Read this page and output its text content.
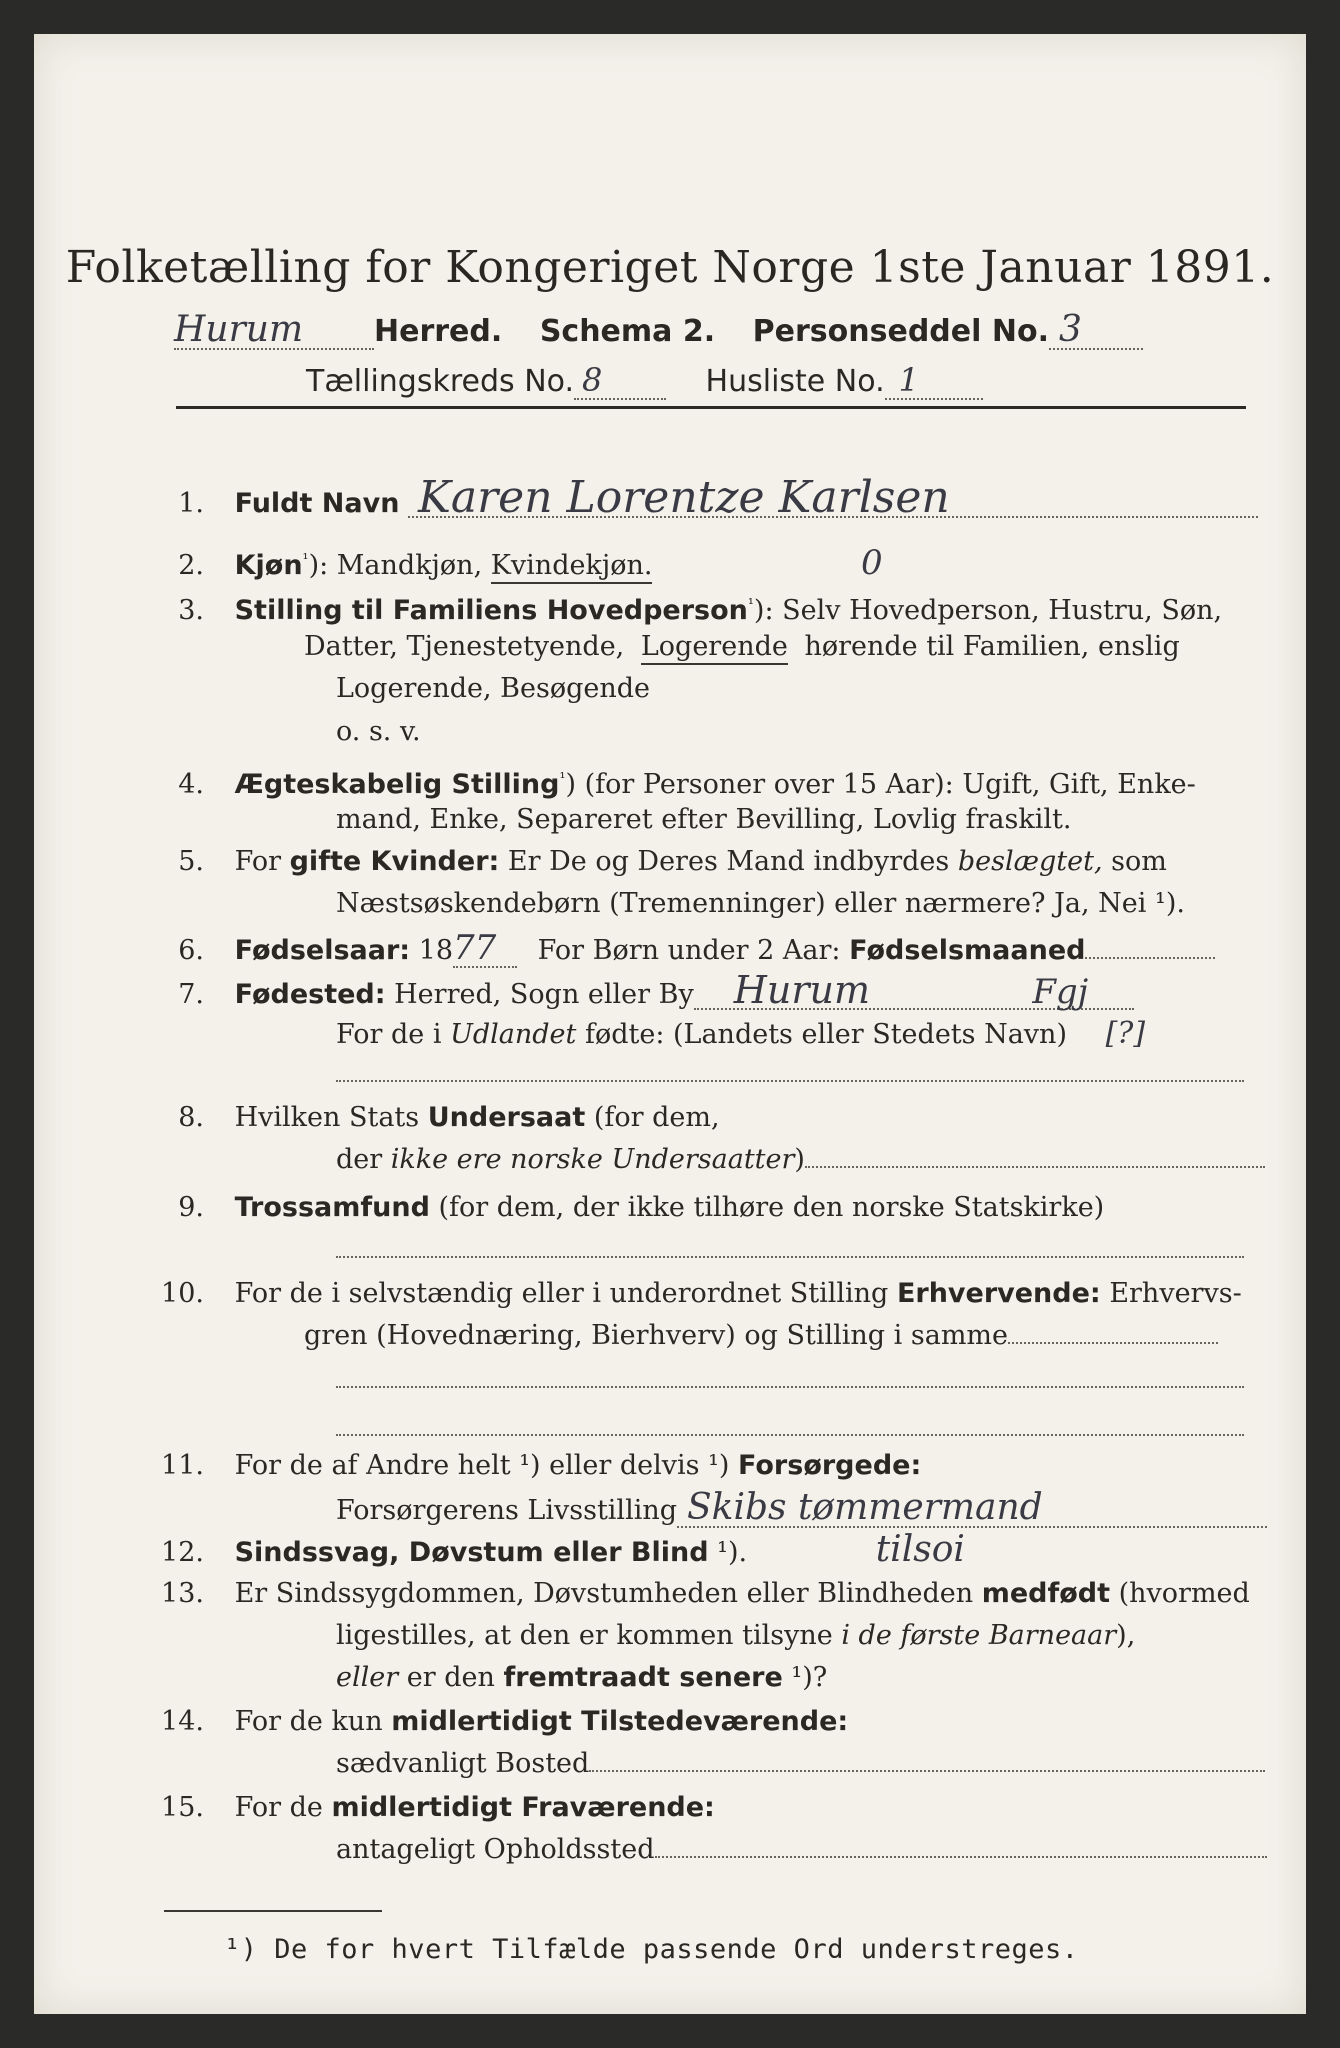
Folketælling for Kongeriget Norge 1ste Januar 1891.
Hurum Herred. Schema 2. Personseddel No. 3
Tællingskreds No. 8	Husliste No. 1
1. Fuldt Navn Karen Lorentze Karlsen
2. Kjøn$^{^1}$): Mandkjøn, Kvindekjøn.	0
3. Stilling til Familiens Hovedperson$^{^1}$): Selv Hovedperson, Hustru, Søn,
Datter, Tjenestetyende, Logerende hørende til Familien, enslig
Logerende, Besøgende
o. s. v.
4. Ægteskabelig Stilling$^{^1}$) (for Personer over 15 Aar): Ugift, Gift, Enke-
mand, Enke, Separeret efter Bevilling, Lovlig fraskilt.
5. For gifte Kvinder: Er De og Deres Mand indbyrdes beslægtet, som
Næstsøskendebørn (Tremenninger) eller nærmere? Ja, Nei ¹).
6. Fødselsaar: 1877 For Børn under 2 Aar: Fødselsmaaned
7. Fødested: Herred, Sogn eller By Hurum	Fgj
For de i Udlandet fødte: (Landets eller Stedets Navn) [?]
8. Hvilken Stats Undersaat (for dem,
der ikke ere norske Undersaatter)
9. Trossamfund (for dem, der ikke tilhøre den norske Statskirke)
10. For de i selvstændig eller i underordnet Stilling Erhvervende: Erhvervs-
gren (Hovednæring, Bierhverv) og Stilling i samme
11. For de af Andre helt ¹) eller delvis ¹) Forsørgede:
Forsørgerens Livsstilling Skibs tømmermand
12. Sindssvag, Døvstum eller Blind ¹).	tilsoi
13. Er Sindssygdommen, Døvstumheden eller Blindheden medfødt (hvormed
ligestilles, at den er kommen tilsyne i de første Barneaar),
eller er den fremtraadt senere ¹)?
14. For de kun midlertidigt Tilstedeværende:
sædvanligt Bosted
15. For de midlertidigt Fraværende:
antageligt Opholdssted
¹) De for hvert Tilfælde passende Ord understreges.
